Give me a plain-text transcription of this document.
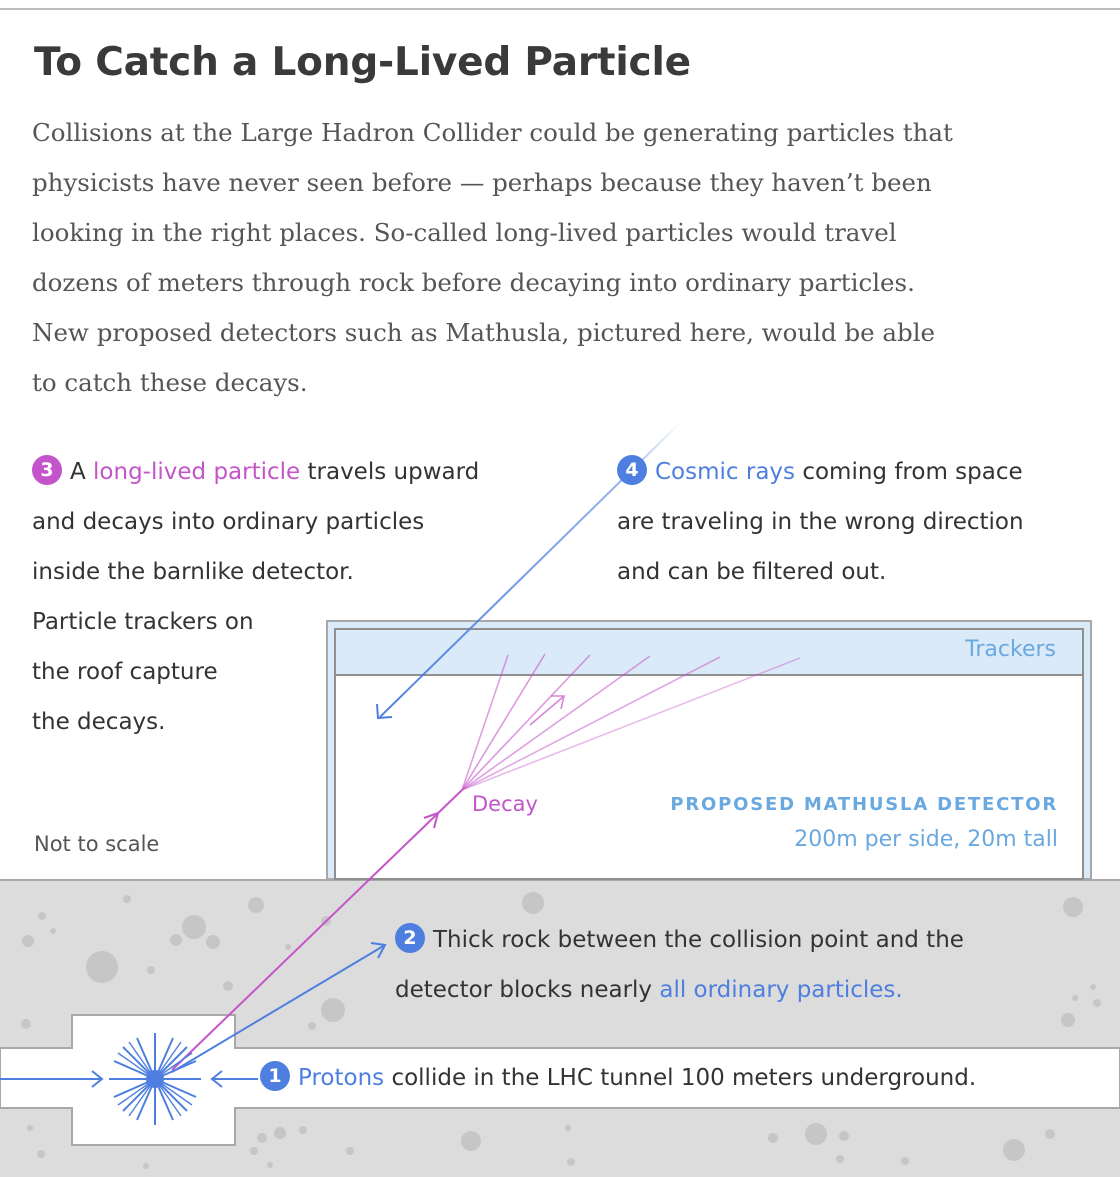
To Catch a Long-Lived Particle
Collisions at the Large Hadron Collider could be generating particles that
physicists have never seen before — perhaps because they haven’t been
looking in the right places. So-called long-lived particles would travel
dozens of meters through rock before decaying into ordinary particles.
New proposed detectors such as Mathusla, pictured here, would be able
to catch these decays.
3 A long-lived particle travels upward
and decays into ordinary particles
inside the barnlike detector.
Particle trackers on
the roof capture
the decays.
4 Cosmic rays coming from space
are traveling in the wrong direction
and can be filtered out.
Trackers
Decay	PROPOSED MATHUSLA DETECTOR
200m per side, 20m tall
Not to scale
2 Thick rock between the collision point and the
detector blocks nearly all ordinary particles.
1 Protons collide in the LHC tunnel 100 meters underground.
